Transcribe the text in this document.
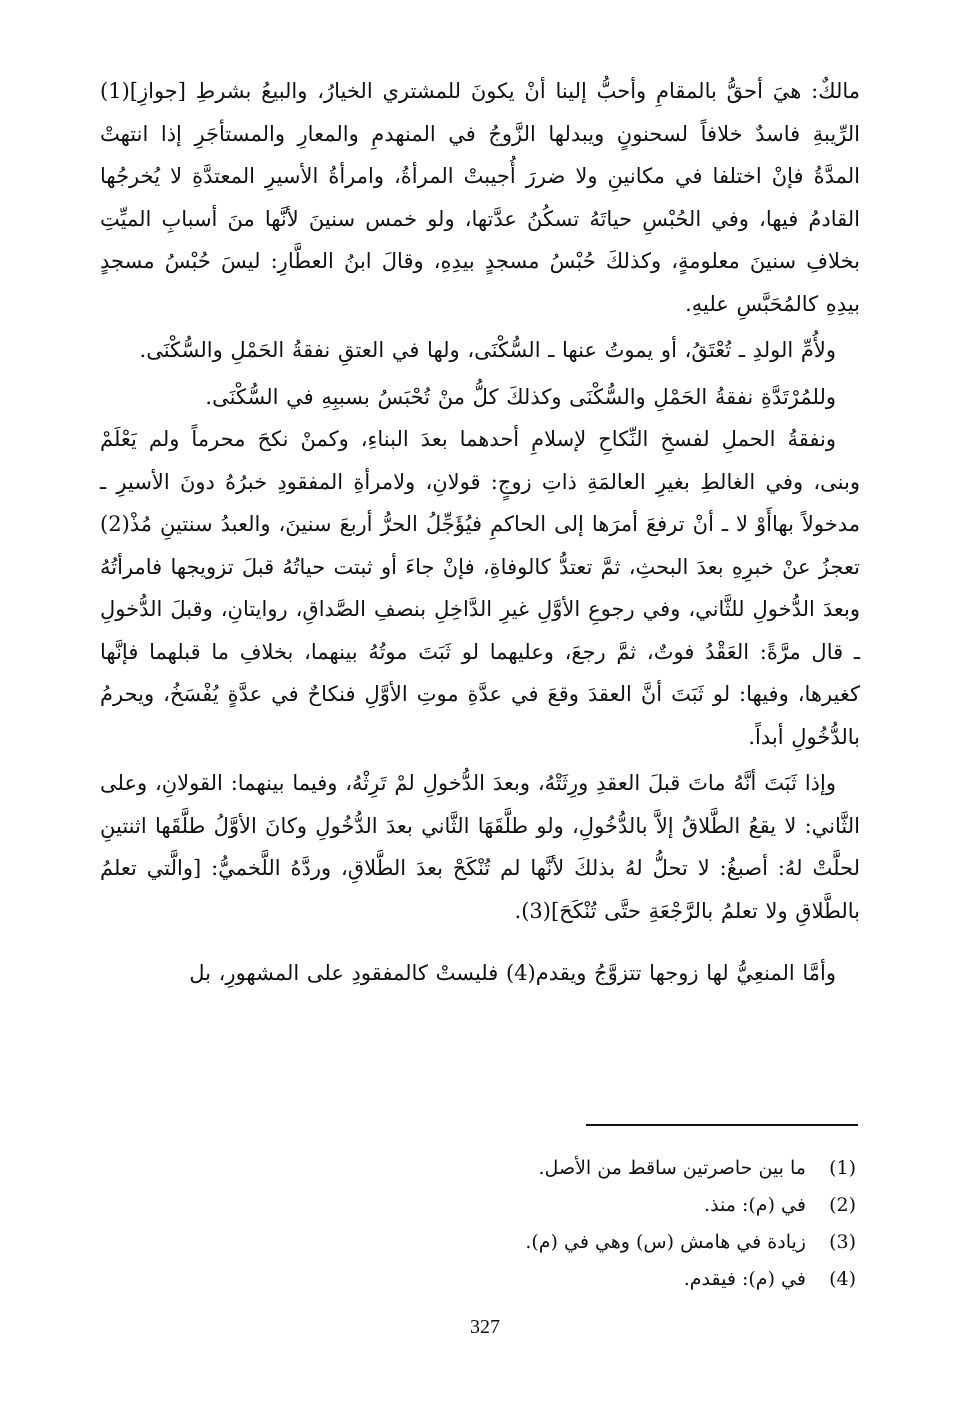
مالكٌ: هيَ أحقُّ بالمقامِ وأحبُّ إلينا أنْ يكونَ للمشتري الخيارُ، والبيعُ بشرطِ [جوازِ](1) الرِّيبةِ فاسدٌ خلافاً لسحنونٍ ويبدلها الزَّوجُ في المنهدمِ والمعارِ والمستأجَرِ إذا انتهتْ المدَّةُ فإنْ اختلفا في مكانينِ ولا ضررَ أُجيبتْ المرأةُ، وامرأةُ الأسيرِ المعتدَّةِ لا يُخرجُها القادمُ فيها، وفي الحُبْسِ حياتَهُ تسكُنُ عدَّتها، ولو خمس سنينَ لأنَّها منَ أسبابِ الميِّتِ بخلافِ سنينَ معلومةٍ، وكذلكَ حُبْسُ مسجدٍ بيدِهِ، وقالَ ابنُ العطَّارِ: ليسَ حُبْسُ مسجدٍ بيدِهِ كالمُحَبَّسِ عليهِ.

ولأُمِّ الولدِ ـ تُعْتَقُ، أو يموتُ عنها ـ السُّكْنَى، ولها في العتقِ نفقةُ الحَمْلِ والسُّكْنَى.

وللمُرْتَدَّةِ نفقةُ الحَمْلِ والسُّكْنَى وكذلكَ كلُّ منْ تُحْبَسُ بسببِهِ في السُّكْنَى.

ونفقةُ الحملِ لفسخِ النِّكاحِ لإسلامِ أحدهما بعدَ البناءِ، وكمنْ نكحَ محرماً ولم يَعْلَمْ وبنى، وفي الغالطِ بغيرِ العالمَةِ ذاتِ زوجٍ: قولانِ، ولامرأةِ المفقودِ خبرُهُ دونَ الأسيرِ ـ مدخولاً بهاأَوْ لا ـ أنْ ترفعَ أمرَها إلى الحاكمِ فيُؤَجِّلُ الحرُّ أربعَ سنينَ، والعبدُ سنتينِ مُذْ(2) تعجزُ عنْ خبرِهِ بعدَ البحثِ، ثمَّ تعتدُّ كالوفاةِ، فإنْ جاءَ أو ثبتت حياتُهُ قبلَ تزويجها فامرأتُهُ وبعدَ الدُّخولِ للثَّاني، وفي رجوعِ الأوَّلِ غيرِ الدَّاخِلِ بنصفِ الصَّداقِ، روايتانِ، وقبلَ الدُّخولِ ـ قال مرَّةً: العَقْدُ فوتٌ، ثمَّ رجعَ، وعليهما لو ثَبَتَ موتُهُ بينهما، بخلافِ ما قبلهما فإنَّها كغيرها، وفيها: لو ثَبَتَ أنَّ العقدَ وقعَ في عدَّةِ موتِ الأوَّلِ فنكاحٌ في عدَّةٍ يُفْسَخُ، ويحرمُ بالدُّخُولِ أبداً.

وإذا ثَبَتَ أنَّهُ ماتَ قبلَ العقدِ ورِثَتْهُ، وبعدَ الدُّخولِ لمْ تَرِثْهُ، وفيما بينهما: القولانِ، وعلى الثَّاني: لا يقعُ الطَّلاقُ إلاَّ بالدُّخُولِ، ولو طلَّقَهَا الثَّاني بعدَ الدُّخُولِ وكانَ الأوَّلُ طلَّقَها اثنتينِ لحلَّتْ لهُ: أصبغُ: لا تحلُّ لهُ بذلكَ لأنَّها لم تُنْكَحْ بعدَ الطَّلاقِ، وردَّهُ اللَّخميُّ: [والَّتي تعلمُ بالطَّلاقِ ولا تعلمُ بالرَّجْعَةِ حتَّى تُنْكَحَ](3).

وأمَّا المنعِيُّ لها زوجها تتزوَّجُ ويقدم(4) فليستْ كالمفقودِ على المشهورِ، بل

(1) ما بين حاصرتين ساقط من الأصل.
(2) في (م): منذ.
(3) زيادة في هامش (س) وهي في (م).
(4) في (م): فيقدم.
327
